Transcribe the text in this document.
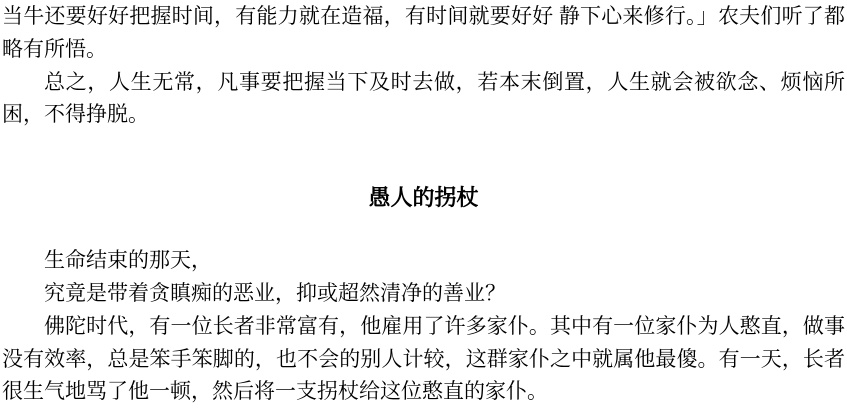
当牛还要好好把握时间，有能力就在造福，有时间就要好好 静下心来修行。」农夫们听了都略有所悟。

总之，人生无常，凡事要把握当下及时去做，若本末倒置，人生就会被欲念、烦恼所困，不得挣脱。

愚人的拐杖

生命结束的那天，

究竟是带着贪瞋痴的恶业，抑或超然清净的善业？

佛陀时代，有一位长者非常富有，他雇用了许多家仆。其中有一位家仆为人憨直，做事没有效率，总是笨手笨脚的，也不会的别人计较，这群家仆之中就属他最傻。有一天，长者很生气地骂了他一顿，然后将一支拐杖给这位憨直的家仆。
